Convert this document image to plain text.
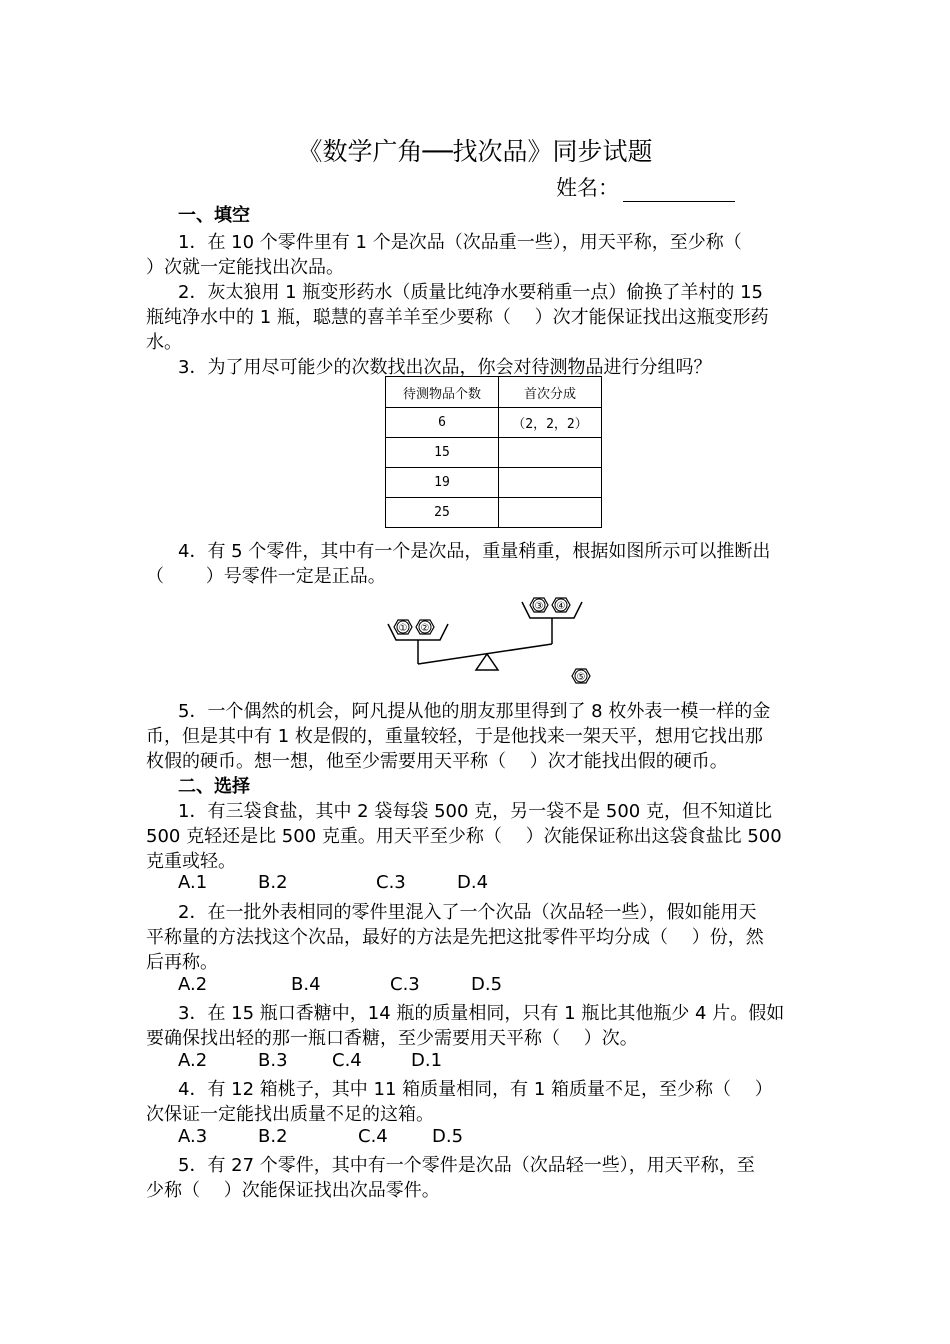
《数学广角──找次品》同步试题
姓名：
一、填空
1．在 10 个零件里有 1 个是次品（次品重一些），用天平称，至少称（
）次就一定能找出次品。
2．灰太狼用 1 瓶变形药水（质量比纯净水要稍重一点）偷换了羊村的 15
瓶纯净水中的 1 瓶，聪慧的喜羊羊至少要称（　 ）次才能保证找出这瓶变形药
水。
3．为了用尽可能少的次数找出次品，你会对待测物品进行分组吗？
待测物品个数	首次分成
6	（2，2，2）
15	
19	
25	
4．有 5 个零件，其中有一个是次品，重量稍重，根据如图所示可以推断出
（　　 ）号零件一定是正品。
① ②
③ ④
⑤
5．一个偶然的机会，阿凡提从他的朋友那里得到了 8 枚外表一模一样的金
币，但是其中有 1 枚是假的，重量较轻，于是他找来一架天平，想用它找出那
枚假的硬币。想一想，他至少需要用天平称（　 ）次才能找出假的硬币。
二、选择
1．有三袋食盐，其中 2 袋每袋 500 克，另一袋不是 500 克，但不知道比
500 克轻还是比 500 克重。用天平至少称（　 ）次能保证称出这袋食盐比 500
克重或轻。
A.1	B.2	C.3	D.4
2．在一批外表相同的零件里混入了一个次品（次品轻一些），假如能用天
平称量的方法找这个次品，最好的方法是先把这批零件平均分成（　 ）份，然
后再称。
A.2	B.4	C.3	D.5
3．在 15 瓶口香糖中，14 瓶的质量相同，只有 1 瓶比其他瓶少 4 片。假如
要确保找出轻的那一瓶口香糖，至少需要用天平称（　 ）次。
A.2	B.3 C.4	D.1
4．有 12 箱桃子，其中 11 箱质量相同，有 1 箱质量不足，至少称（　 ）
次保证一定能找出质量不足的这箱。
A.3	B.2	C.4 D.5
5．有 27 个零件，其中有一个零件是次品（次品轻一些），用天平称，至
少称（　 ）次能保证找出次品零件。
